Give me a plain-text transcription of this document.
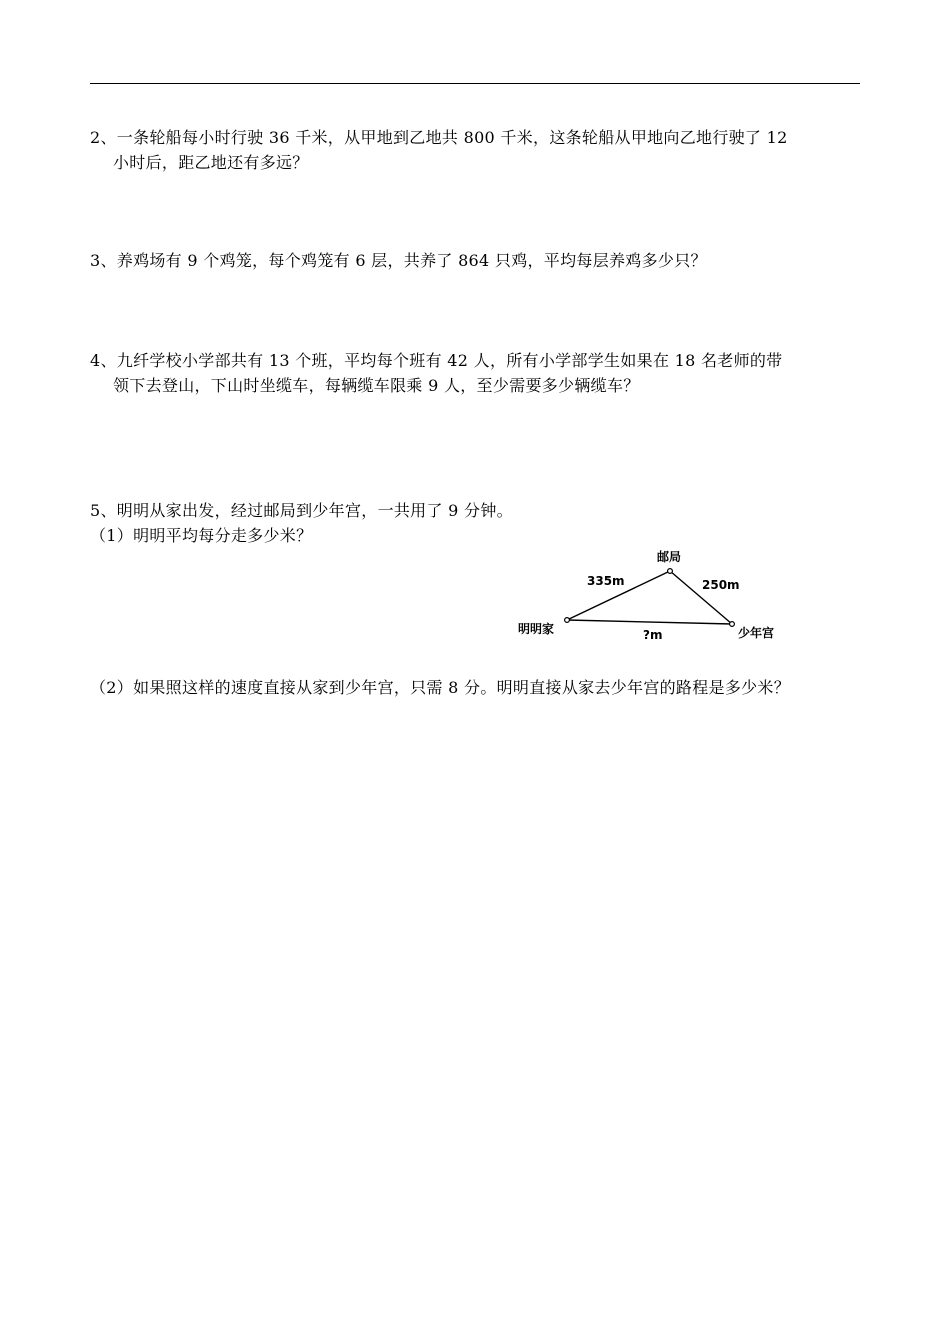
2、一条轮船每小时行驶 36 千米，从甲地到乙地共 800 千米，这条轮船从甲地向乙地行驶了 12
小时后，距乙地还有多远？
3、养鸡场有 9 个鸡笼，每个鸡笼有 6 层，共养了 864 只鸡，平均每层养鸡多少只？
4、九纤学校小学部共有 13 个班，平均每个班有 42 人，所有小学部学生如果在 18 名老师的带
领下去登山，下山时坐缆车，每辆缆车限乘 9 人，至少需要多少辆缆车？
5、明明从家出发，经过邮局到少年宫，一共用了 9 分钟。
（1）明明平均每分走多少米？
邮局
明明家	少年宫
335m	250m
?m
（2）如果照这样的速度直接从家到少年宫，只需 8 分。明明直接从家去少年宫的路程是多少米？
